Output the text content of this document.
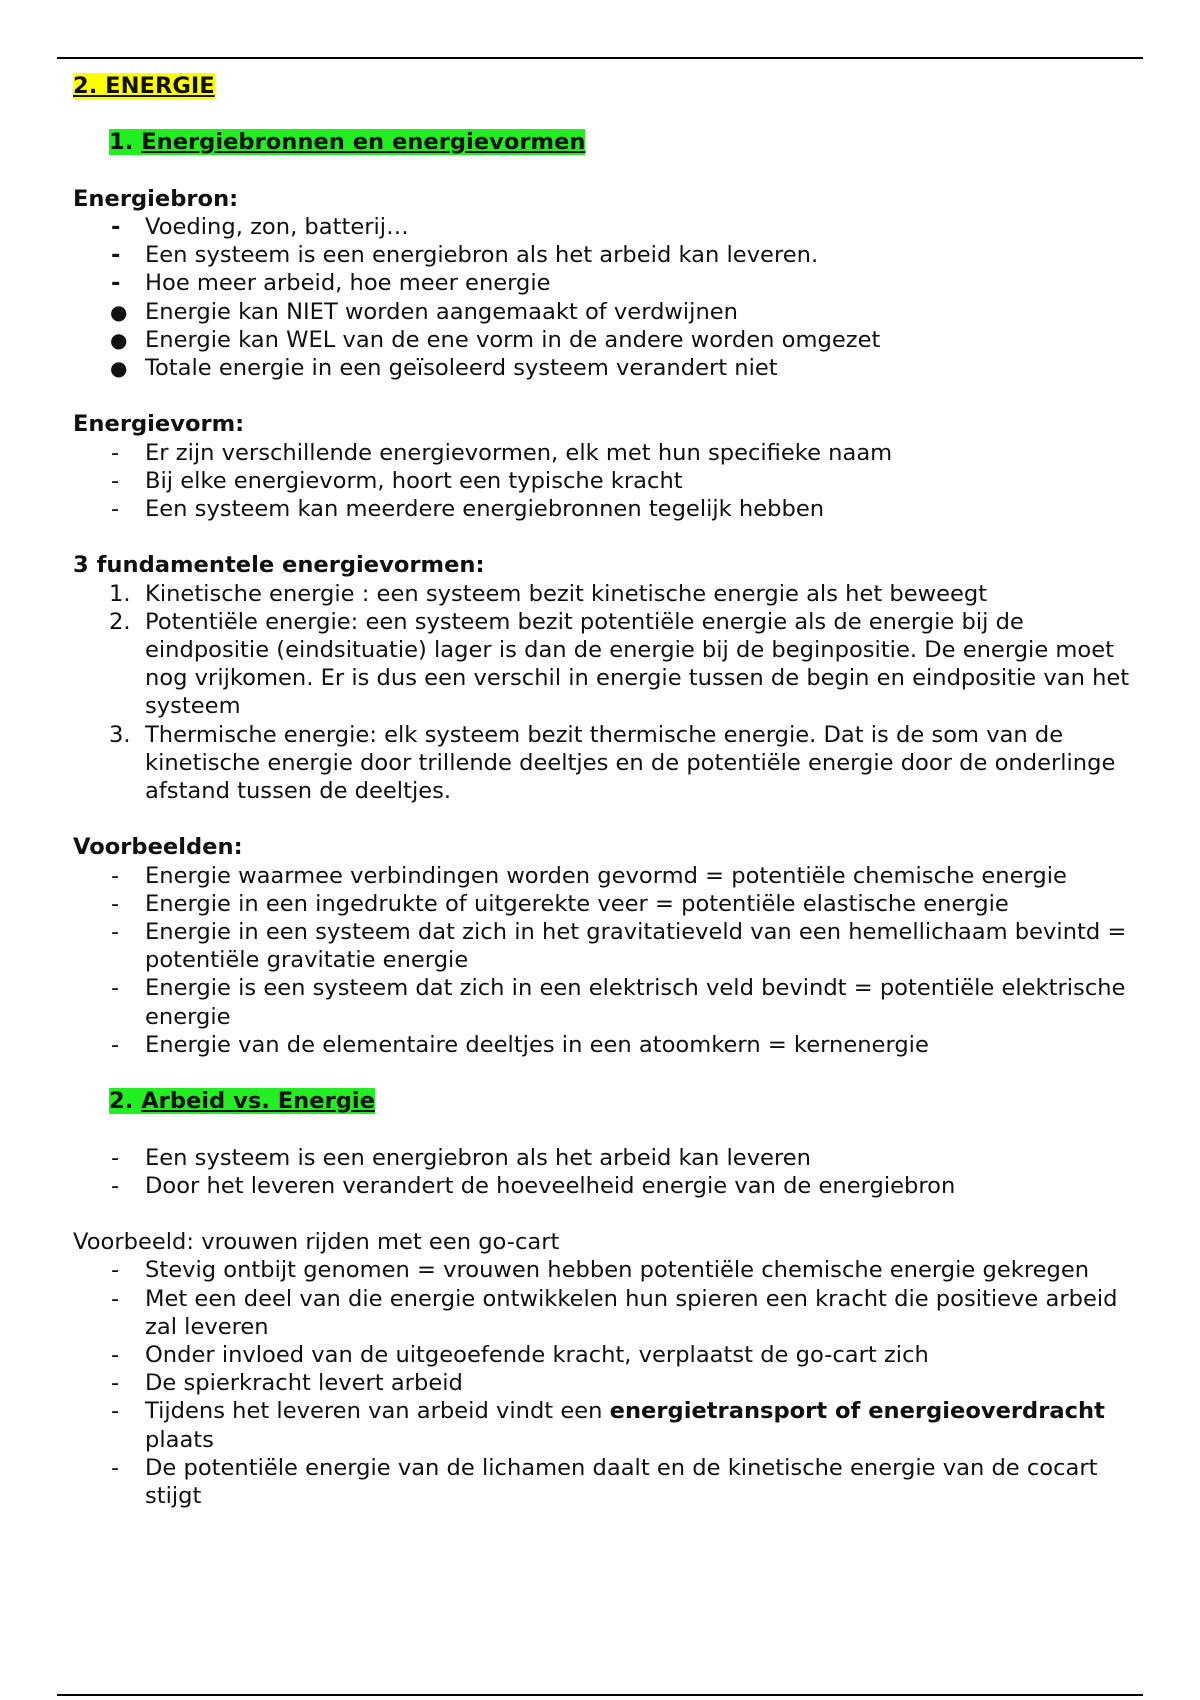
2. ENERGIE
1. Energiebronnen en energievormen
Energiebron:
-	Voeding, zon, batterij…
-	Een systeem is een energiebron als het arbeid kan leveren.
-	Hoe meer arbeid, hoe meer energie
● Energie kan NIET worden aangemaakt of verdwijnen
● Energie kan WEL van de ene vorm in de andere worden omgezet
● Totale energie in een geïsoleerd systeem verandert niet
Energievorm:
-	Er zijn verschillende energievormen, elk met hun specifieke naam
-	Bij elke energievorm, hoort een typische kracht
-	Een systeem kan meerdere energiebronnen tegelijk hebben
3 fundamentele energievormen:
1. Kinetische energie : een systeem bezit kinetische energie als het beweegt
2. Potentiële energie: een systeem bezit potentiële energie als de energie bij de eindpositie (eindsituatie) lager is dan de energie bij de beginpositie. De energie moet nog vrijkomen. Er is dus een verschil in energie tussen de begin en eindpositie van het systeem
3. Thermische energie: elk systeem bezit thermische energie. Dat is de som van de kinetische energie door trillende deeltjes en de potentiële energie door de onderlinge afstand tussen de deeltjes.
Voorbeelden:
-	Energie waarmee verbindingen worden gevormd = potentiële chemische energie
-	Energie in een ingedrukte of uitgerekte veer = potentiële elastische energie
-	Energie in een systeem dat zich in het gravitatieveld van een hemellichaam bevintd = potentiële gravitatie energie
-	Energie is een systeem dat zich in een elektrisch veld bevindt = potentiële elektrische energie
-	Energie van de elementaire deeltjes in een atoomkern = kernenergie
2. Arbeid vs. Energie
-	Een systeem is een energiebron als het arbeid kan leveren
-	Door het leveren verandert de hoeveelheid energie van de energiebron
Voorbeeld: vrouwen rijden met een go-cart
-	Stevig ontbijt genomen = vrouwen hebben potentiële chemische energie gekregen
-	Met een deel van die energie ontwikkelen hun spieren een kracht die positieve arbeid zal leveren
-	Onder invloed van de uitgeoefende kracht, verplaatst de go-cart zich
-	De spierkracht levert arbeid
-	Tijdens het leveren van arbeid vindt een energietransport of energieoverdracht plaats
-	De potentiële energie van de lichamen daalt en de kinetische energie van de cocart stijgt
